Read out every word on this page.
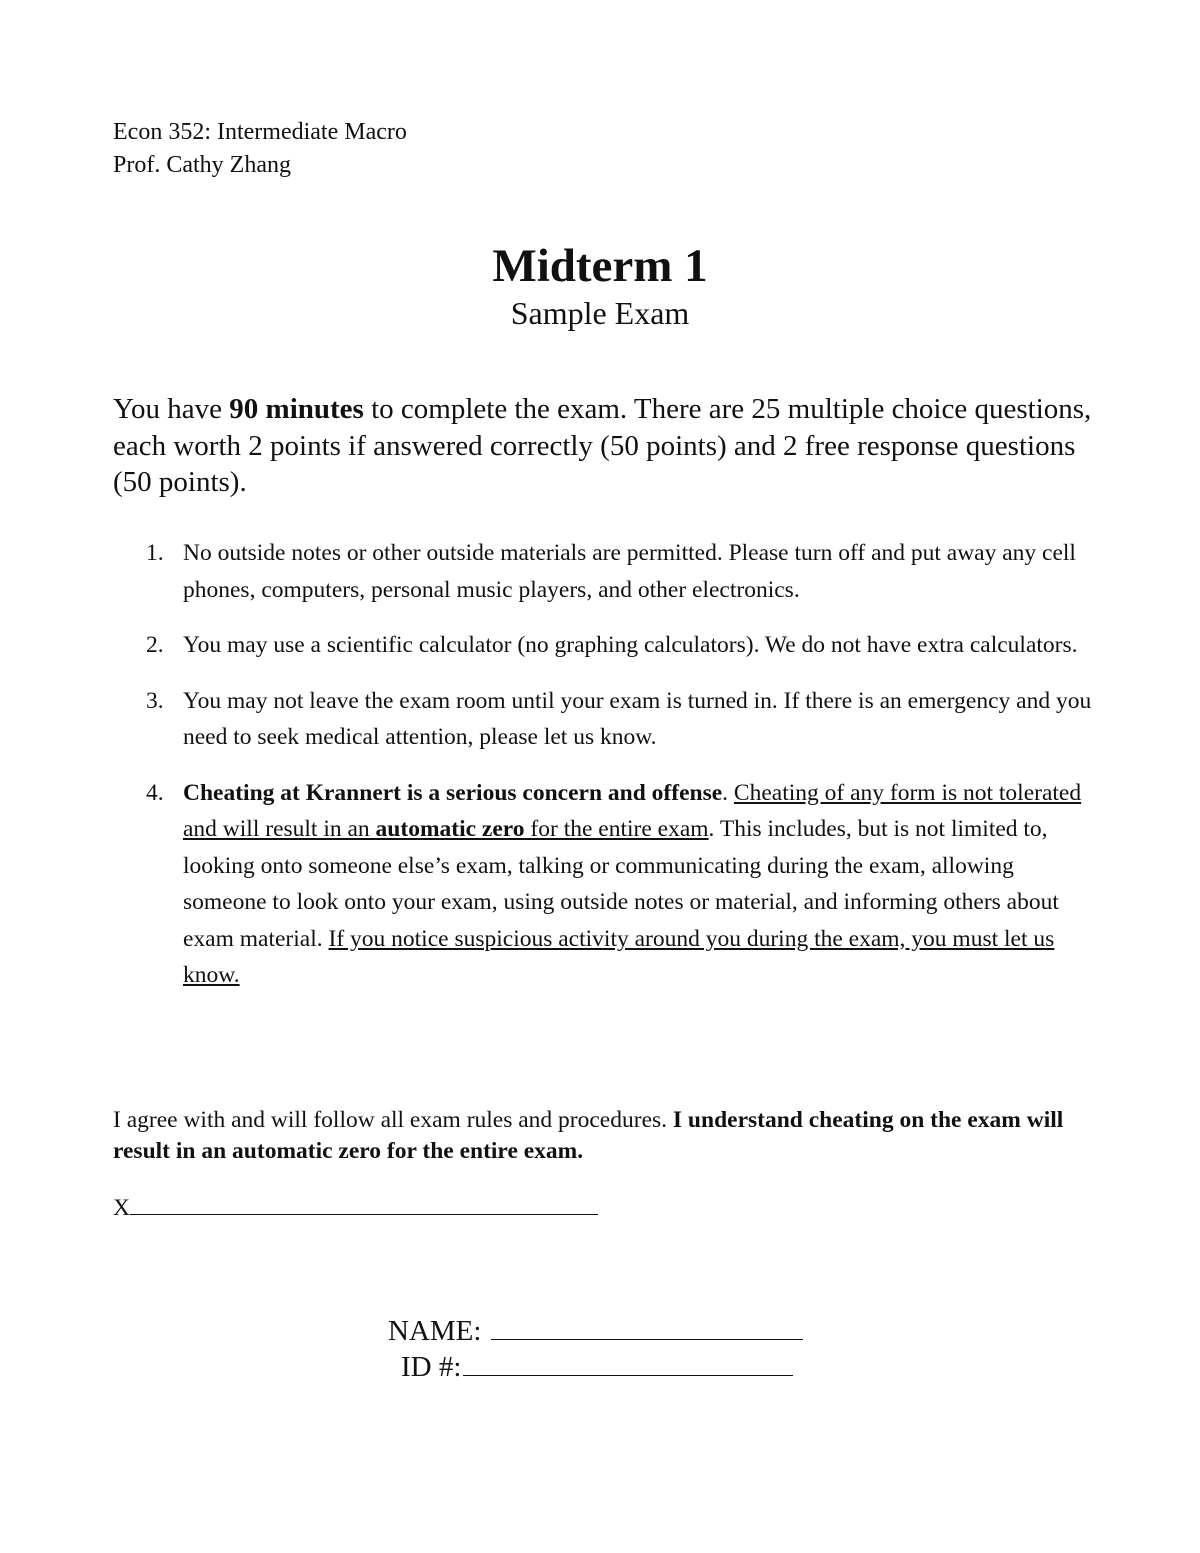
Econ 352: Intermediate Macro
Prof. Cathy Zhang
Midterm 1
Sample Exam
You have 90 minutes to complete the exam. There are 25 multiple choice questions, each worth 2 points if answered correctly (50 points) and 2 free response questions (50 points).
1. No outside notes or other outside materials are permitted. Please turn off and put away any cell phones, computers, personal music players, and other electronics.
2. You may use a scientific calculator (no graphing calculators). We do not have extra calculators.
3. You may not leave the exam room until your exam is turned in. If there is an emergency and you need to seek medical attention, please let us know.
4. Cheating at Krannert is a serious concern and offense. Cheating of any form is not tolerated and will result in an automatic zero for the entire exam. This includes, but is not limited to, looking onto someone else’s exam, talking or communicating during the exam, allowing someone to look onto your exam, using outside notes or material, and informing others about exam material. If you notice suspicious activity around you during the exam, you must let us know.
I agree with and will follow all exam rules and procedures. I understand cheating on the exam will result in an automatic zero for the entire exam.
X
NAME:
ID #:
